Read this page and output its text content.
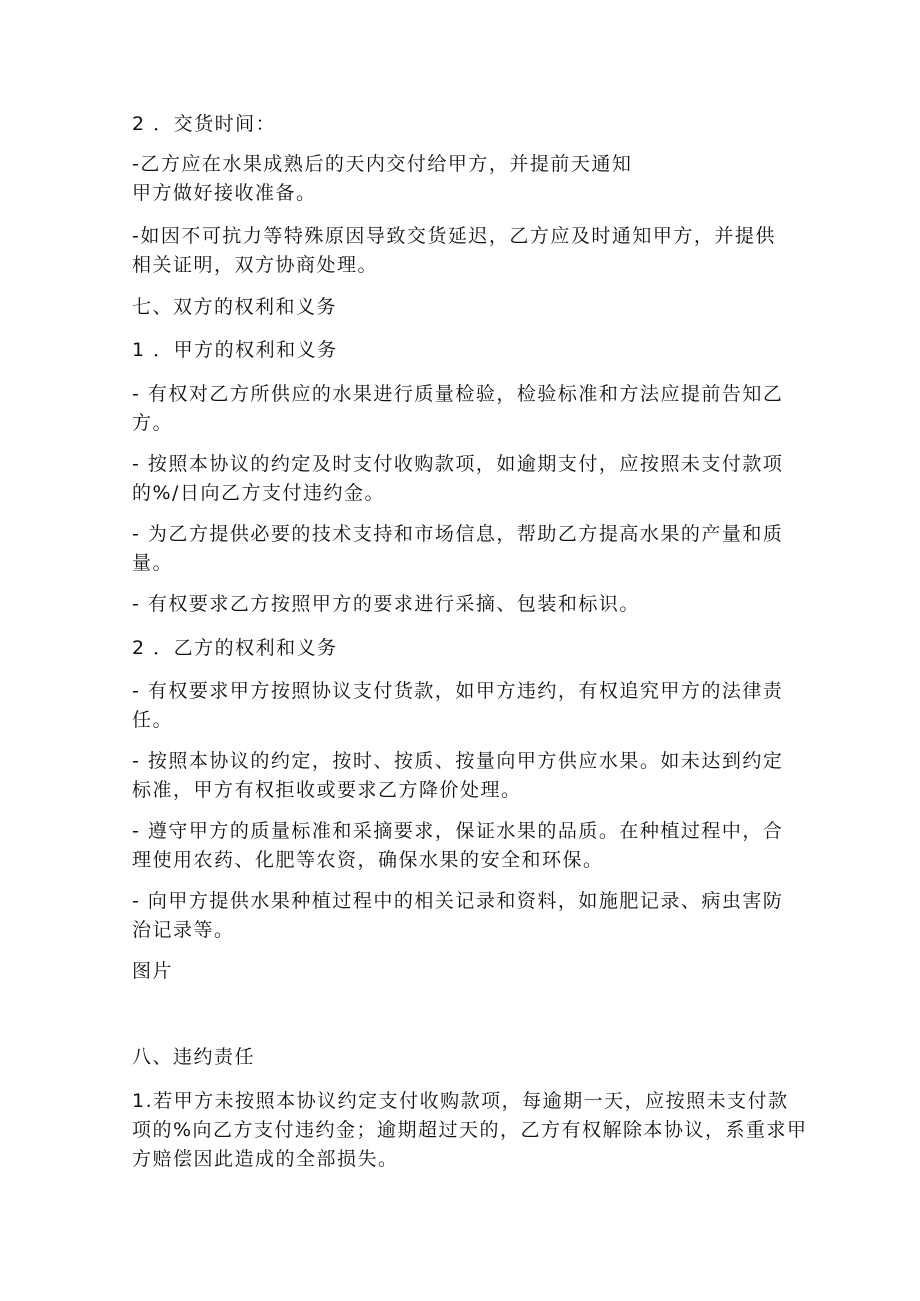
2 ．交货时间：
-乙方应在水果成熟后的天内交付给甲方，并提前天通知
甲方做好接收准备。
-如因不可抗力等特殊原因导致交货延迟，乙方应及时通知甲方，并提供
相关证明，双方协商处理。
七、双方的权利和义务
1 ．甲方的权利和义务
- 有权对乙方所供应的水果进行质量检验，检验标准和方法应提前告知乙
方。
- 按照本协议的约定及时支付收购款项，如逾期支付，应按照未支付款项
的%/日向乙方支付违约金。
- 为乙方提供必要的技术支持和市场信息，帮助乙方提高水果的产量和质
量。
- 有权要求乙方按照甲方的要求进行采摘、包装和标识。
2 ．乙方的权利和义务
- 有权要求甲方按照协议支付货款，如甲方违约，有权追究甲方的法律责
任。
- 按照本协议的约定，按时、按质、按量向甲方供应水果。如未达到约定
标准，甲方有权拒收或要求乙方降价处理。
- 遵守甲方的质量标准和采摘要求，保证水果的品质。在种植过程中，合
理使用农药、化肥等农资，确保水果的安全和环保。
- 向甲方提供水果种植过程中的相关记录和资料，如施肥记录、病虫害防
治记录等。
图片
八、违约责任
1.若甲方未按照本协议约定支付收购款项，每逾期一天，应按照未支付款
项的%向乙方支付违约金；逾期超过天的，乙方有权解除本协议，系重求甲
方赔偿因此造成的全部损失。
